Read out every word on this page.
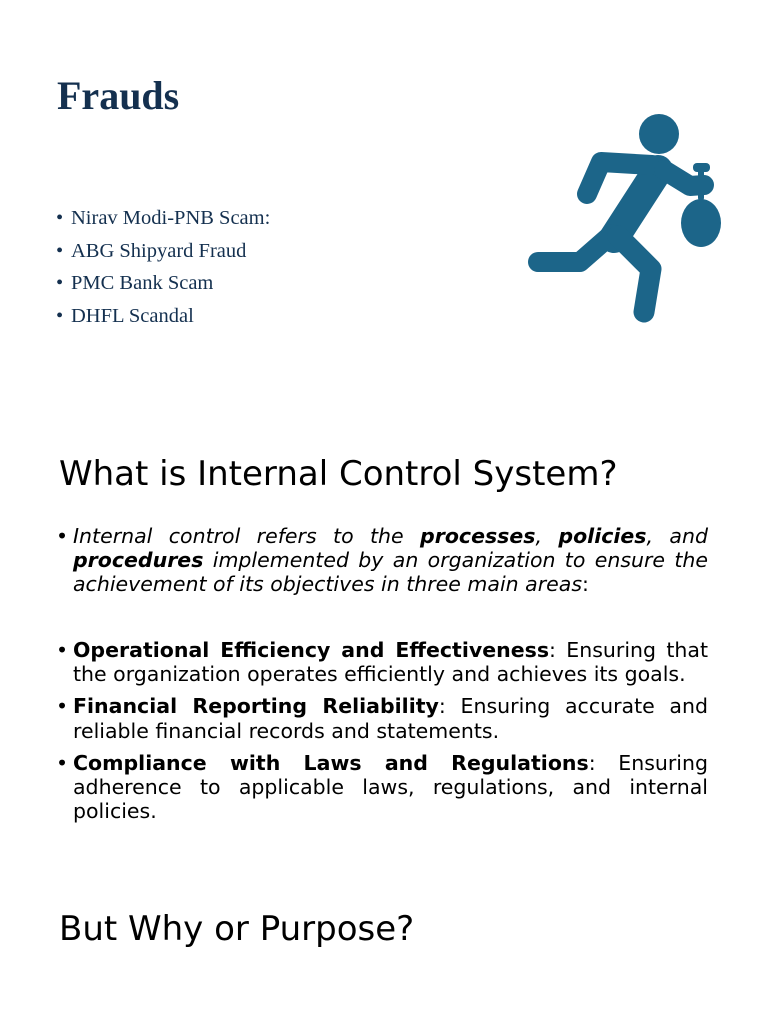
Frauds
• Nirav Modi-PNB Scam:
• ABG Shipyard Fraud
• PMC Bank Scam
• DHFL Scandal
What is Internal Control System?
• Internal control refers to the processes, policies, and procedures implemented by an organization to ensure the achievement of its objectives in three main areas:
• Operational Efficiency and Effectiveness: Ensuring that the organization operates efficiently and achieves its goals.
• Financial Reporting Reliability: Ensuring accurate and reliable financial records and statements.
• Compliance with Laws and Regulations: Ensuring adherence to applicable laws, regulations, and internal policies.
But Why or Purpose?
